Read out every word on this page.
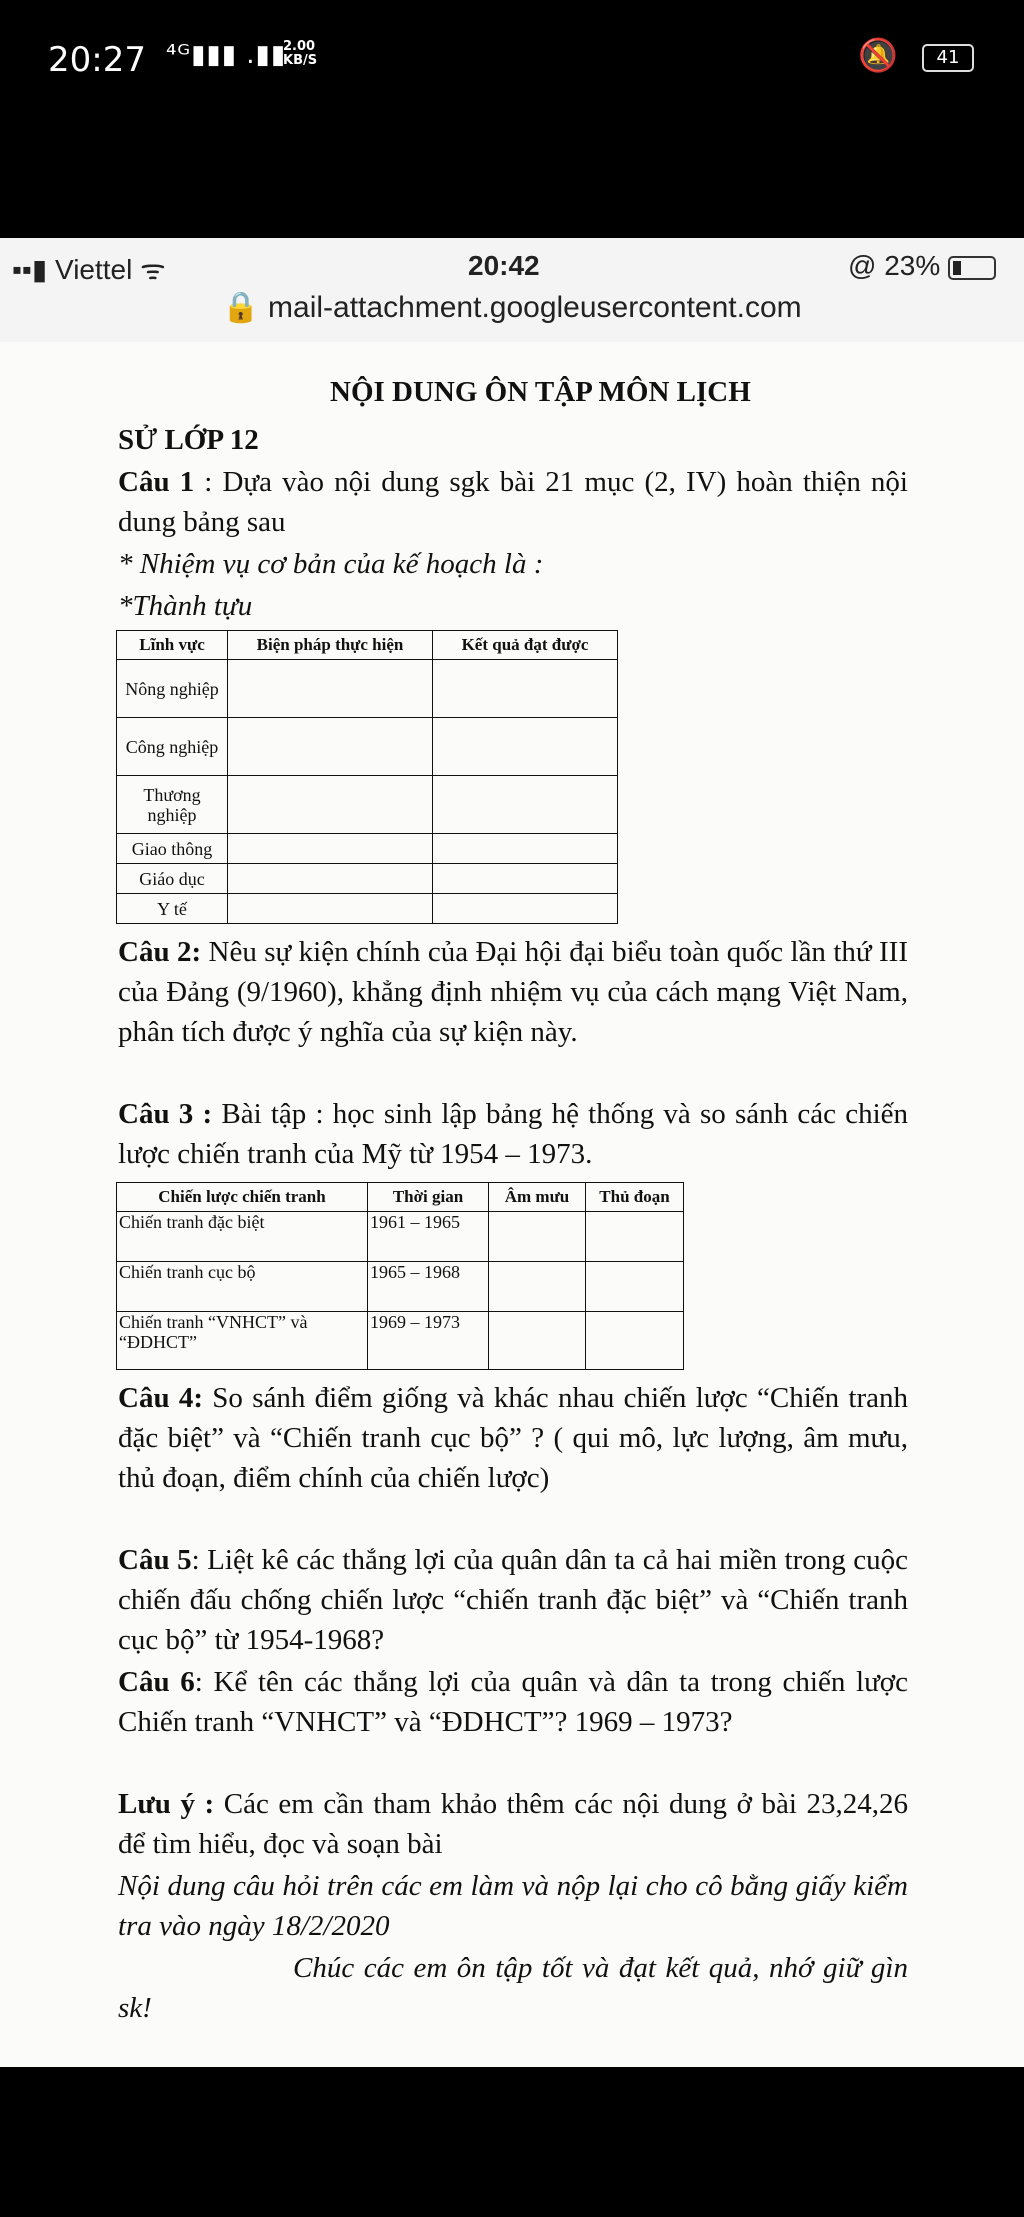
20:27 ⁴ᴳ▮▮▮ .▮▮
2.00
KB/S	🔕	41
▪▪▮ Viettel ᯤ	20:42	@ 23%
🔒 mail-attachment.googleusercontent.com

NỘI DUNG ÔN TẬP MÔN LỊCH

SỬ LỚP 12

Câu 1 : Dựa vào nội dung sgk bài 21 mục (2, IV) hoàn thiện nội dung bảng sau

* Nhiệm vụ cơ bản của kế hoạch là :

*Thành tựu

Lĩnh vực	Biện pháp thực hiện	Kết quả đạt được
Nông nghiệp		
Công nghiệp		
Thương nghiệp		
Giao thông		
Giáo dục		
Y tế		

Câu 2: Nêu sự kiện chính của Đại hội đại biểu toàn quốc lần thứ III của Đảng (9/1960), khẳng định nhiệm vụ của cách mạng Việt Nam, phân tích được ý nghĩa của sự kiện này.

Câu 3 : Bài tập : học sinh lập bảng hệ thống và so sánh các chiến lược chiến tranh của Mỹ từ 1954 – 1973.

Chiến lược chiến tranh	Thời gian	Âm mưu	Thủ đoạn
Chiến tranh đặc biệt	1961 – 1965		
Chiến tranh cục bộ	1965 – 1968		
Chiến tranh “VNHCT” và “ĐDHCT”	1969 – 1973		

Câu 4: So sánh điểm giống và khác nhau chiến lược “Chiến tranh đặc biệt” và “Chiến tranh cục bộ” ? ( qui mô, lực lượng, âm mưu, thủ đoạn, điểm chính của chiến lược)

Câu 5: Liệt kê các thắng lợi của quân dân ta cả hai miền trong cuộc chiến đấu chống chiến lược “chiến tranh đặc biệt” và “Chiến tranh cục bộ” từ 1954-1968?

Câu 6: Kể tên các thắng lợi của quân và dân ta trong chiến lược Chiến tranh “VNHCT” và “ĐDHCT”? 1969 – 1973?

Lưu ý : Các em cần tham khảo thêm các nội dung ở bài 23,24,26 để tìm hiểu, đọc và soạn bài

Nội dung câu hỏi trên các em làm và nộp lại cho cô bằng giấy kiểm tra vào ngày 18/2/2020

Chúc các em ôn tập tốt và đạt kết quả, nhớ giữ gìn sk!
